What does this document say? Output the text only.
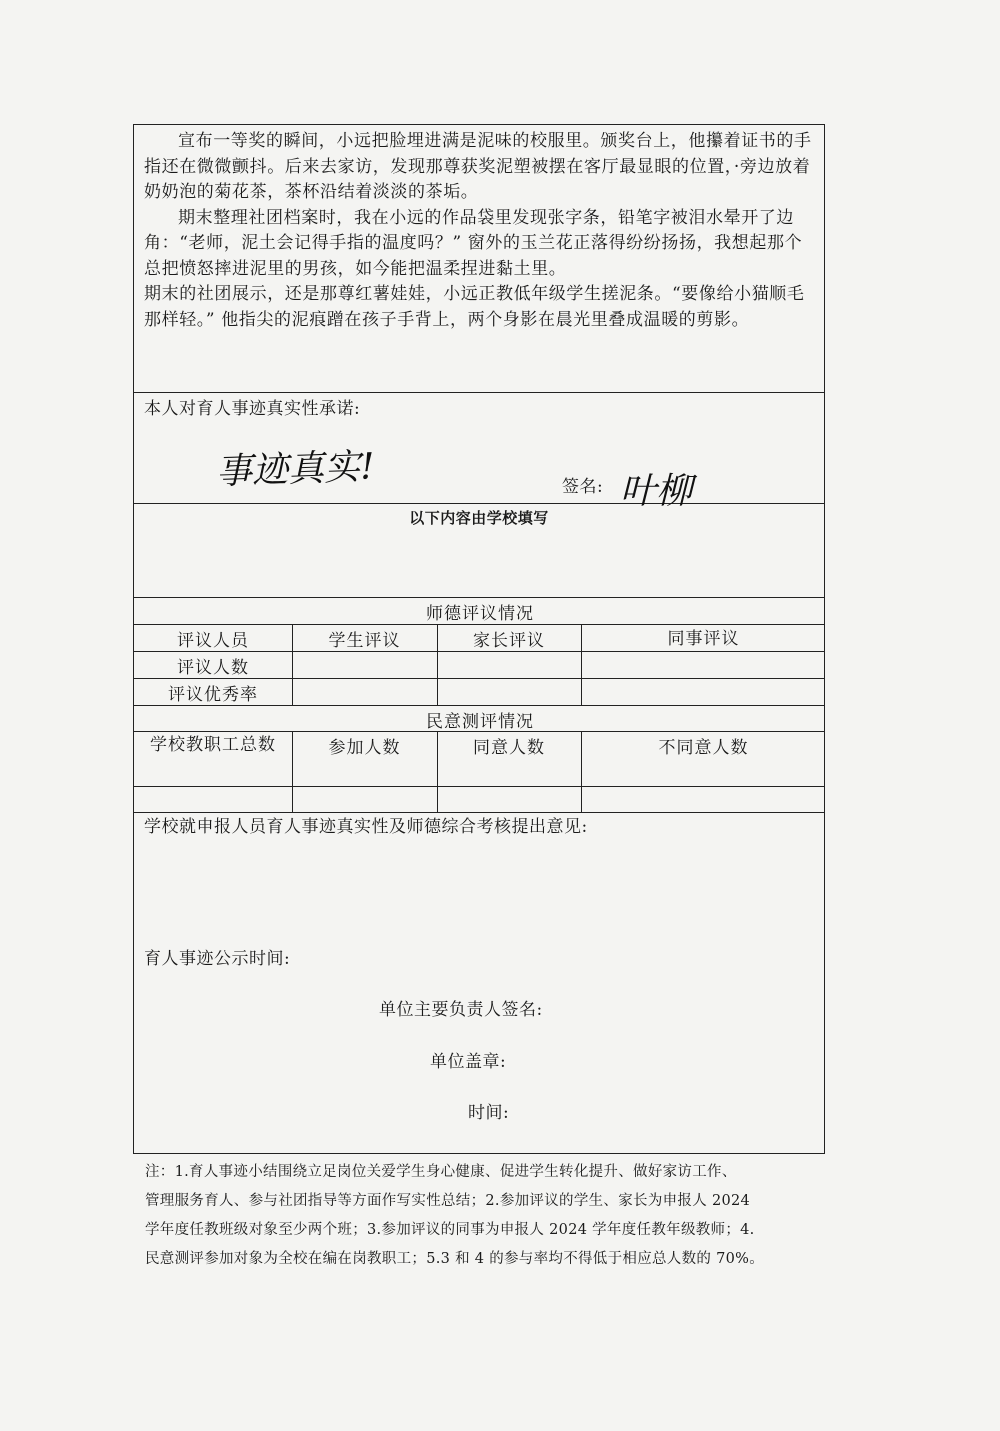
宣布一等奖的瞬间，小远把脸埋进满是泥味的校服里。颁奖台上，他攥着证书的手指还在微微颤抖。后来去家访，发现那尊获奖泥塑被摆在客厅最显眼的位置，·旁边放着奶奶泡的菊花茶，茶杯沿结着淡淡的茶垢。

期末整理社团档案时，我在小远的作品袋里发现张字条，铅笔字被泪水晕开了边角：“老师，泥土会记得手指的温度吗？” 窗外的玉兰花正落得纷纷扬扬，我想起那个总把愤怒摔进泥里的男孩，如今能把温柔捏进黏土里。

期末的社团展示，还是那尊红薯娃娃，小远正教低年级学生搓泥条。“要像给小猫顺毛那样轻。” 他指尖的泥痕蹭在孩子手背上，两个身影在晨光里叠成温暖的剪影。

本人对育人事迹真实性承诺:
事迹真实!	签名: 叶柳
以下内容由学校填写
师德评议情况
评议人员	学生评议	家长评议	同事评议
评议人数
评议优秀率
民意测评情况
学校教职工总数	参加人数	同意人数	不同意人数
学校就申报人员育人事迹真实性及师德综合考核提出意见:
育人事迹公示时间:
单位主要负责人签名:
单位盖章:
时间:

注：1.育人事迹小结围绕立足岗位关爱学生身心健康、促进学生转化提升、做好家访工作、

管理服务育人、参与社团指导等方面作写实性总结；2.参加评议的学生、家长为申报人 2024

学年度任教班级对象至少两个班；3.参加评议的同事为申报人 2024 学年度任教年级教师；4.

民意测评参加对象为全校在编在岗教职工；5.3 和 4 的参与率均不得低于相应总人数的 70%。
